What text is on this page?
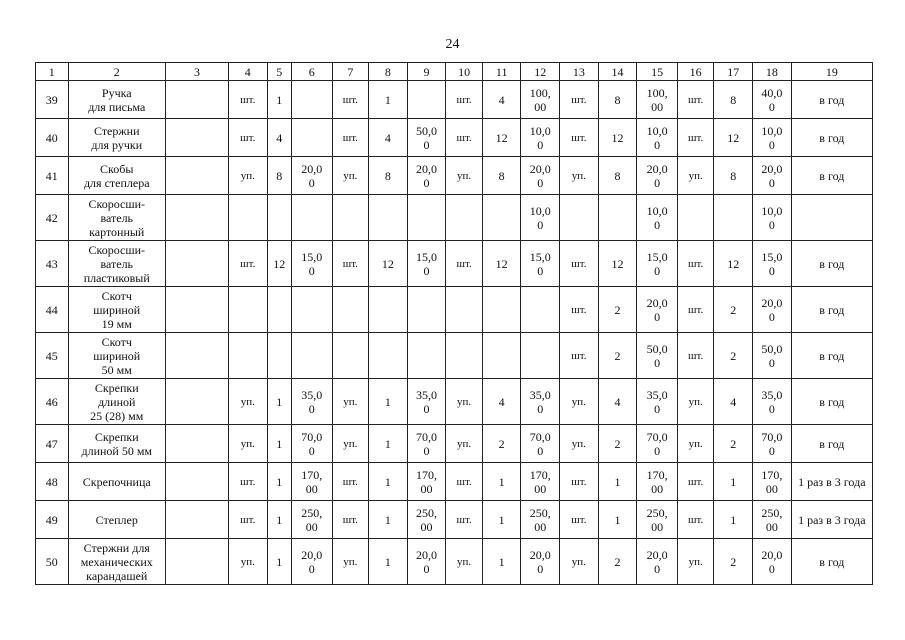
24
1	2	3	4	5	6	7	8	9	10	11	12	13	14	15	16	17	18	19
39	Ручка
для письма		шт.	1		шт.	1		шт.	4	100,
00	шт.	8	100,
00	шт.	8	40,0
0	в год
40	Стержни
для ручки		шт.	4		шт.	4	50,0
0	шт.	12	10,0
0	шт.	12	10,0
0	шт.	12	10,0
0	в год
41	Скобы
для степлера		уп.	8	20,0
0	уп.	8	20,0
0	уп.	8	20,0
0	уп.	8	20,0
0	уп.	8	20,0
0	в год
42	Скоросши-
ватель
картонный										10,0
0			10,0
0			10,0
0	
43	Скоросши-
ватель
пластиковый		шт.	12	15,0
0	шт.	12	15,0
0	шт.	12	15,0
0	шт.	12	15,0
0	шт.	12	15,0
0	в год
44	Скотч
шириной
19 мм											шт.	2	20,0
0	шт.	2	20,0
0	в год
45	Скотч
шириной
50 мм											шт.	2	50,0
0	шт.	2	50,0
0	в год
46	Скрепки
длиной
25 (28) мм		уп.	1	35,0
0	уп.	1	35,0
0	уп.	4	35,0
0	уп.	4	35,0
0	уп.	4	35,0
0	в год
47	Скрепки
длиной 50 мм		уп.	1	70,0
0	уп.	1	70,0
0	уп.	2	70,0
0	уп.	2	70,0
0	уп.	2	70,0
0	в год
48	Скрепочница		шт.	1	170,
00	шт.	1	170,
00	шт.	1	170,
00	шт.	1	170,
00	шт.	1	170,
00	1 раз в 3 года
49	Степлер		шт.	1	250,
00	шт.	1	250,
00	шт.	1	250,
00	шт.	1	250,
00	шт.	1	250,
00	1 раз в 3 года
50	Стержни для
механических
карандашей		уп.	1	20,0
0	уп.	1	20,0
0	уп.	1	20,0
0	уп.	2	20,0
0	уп.	2	20,0
0	в год
